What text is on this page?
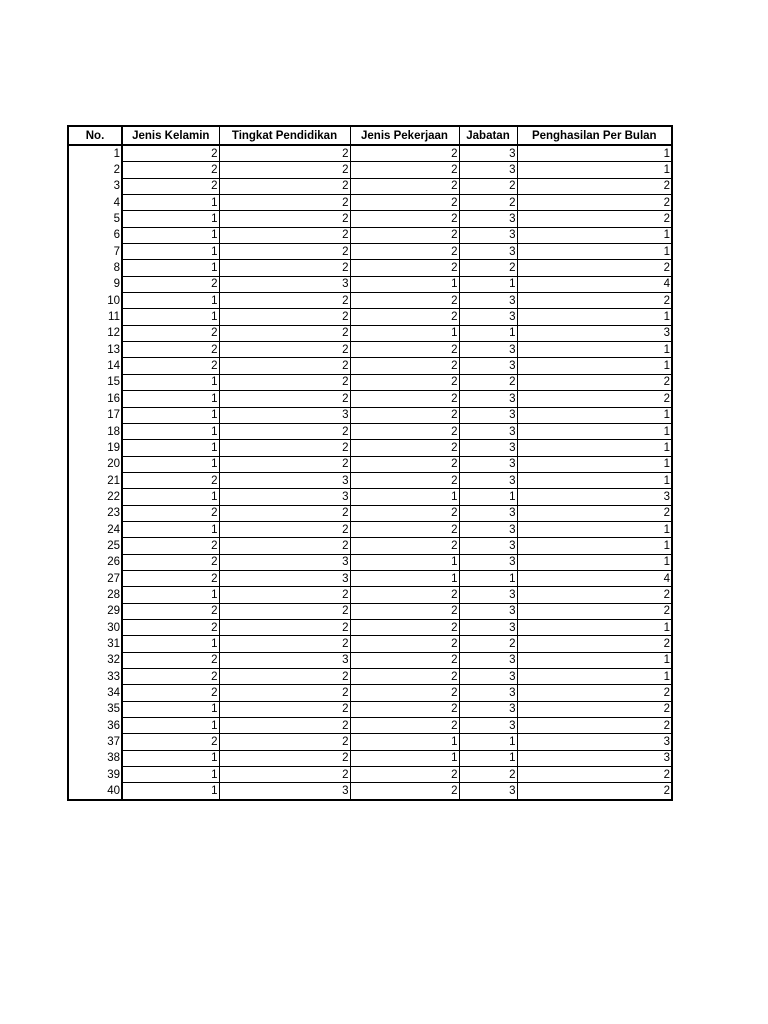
No.	Jenis Kelamin	Tingkat Pendidikan	Jenis Pekerjaan	Jabatan	Penghasilan Per Bulan
1	2	2	2	3	1
2	2	2	2	3	1
3	2	2	2	2	2
4	1	2	2	2	2
5	1	2	2	3	2
6	1	2	2	3	1
7	1	2	2	3	1
8	1	2	2	2	2
9	2	3	1	1	4
10	1	2	2	3	2
11	1	2	2	3	1
12	2	2	1	1	3
13	2	2	2	3	1
14	2	2	2	3	1
15	1	2	2	2	2
16	1	2	2	3	2
17	1	3	2	3	1
18	1	2	2	3	1
19	1	2	2	3	1
20	1	2	2	3	1
21	2	3	2	3	1
22	1	3	1	1	3
23	2	2	2	3	2
24	1	2	2	3	1
25	2	2	2	3	1
26	2	3	1	3	1
27	2	3	1	1	4
28	1	2	2	3	2
29	2	2	2	3	2
30	2	2	2	3	1
31	1	2	2	2	2
32	2	3	2	3	1
33	2	2	2	3	1
34	2	2	2	3	2
35	1	2	2	3	2
36	1	2	2	3	2
37	2	2	1	1	3
38	1	2	1	1	3
39	1	2	2	2	2
40	1	3	2	3	2
